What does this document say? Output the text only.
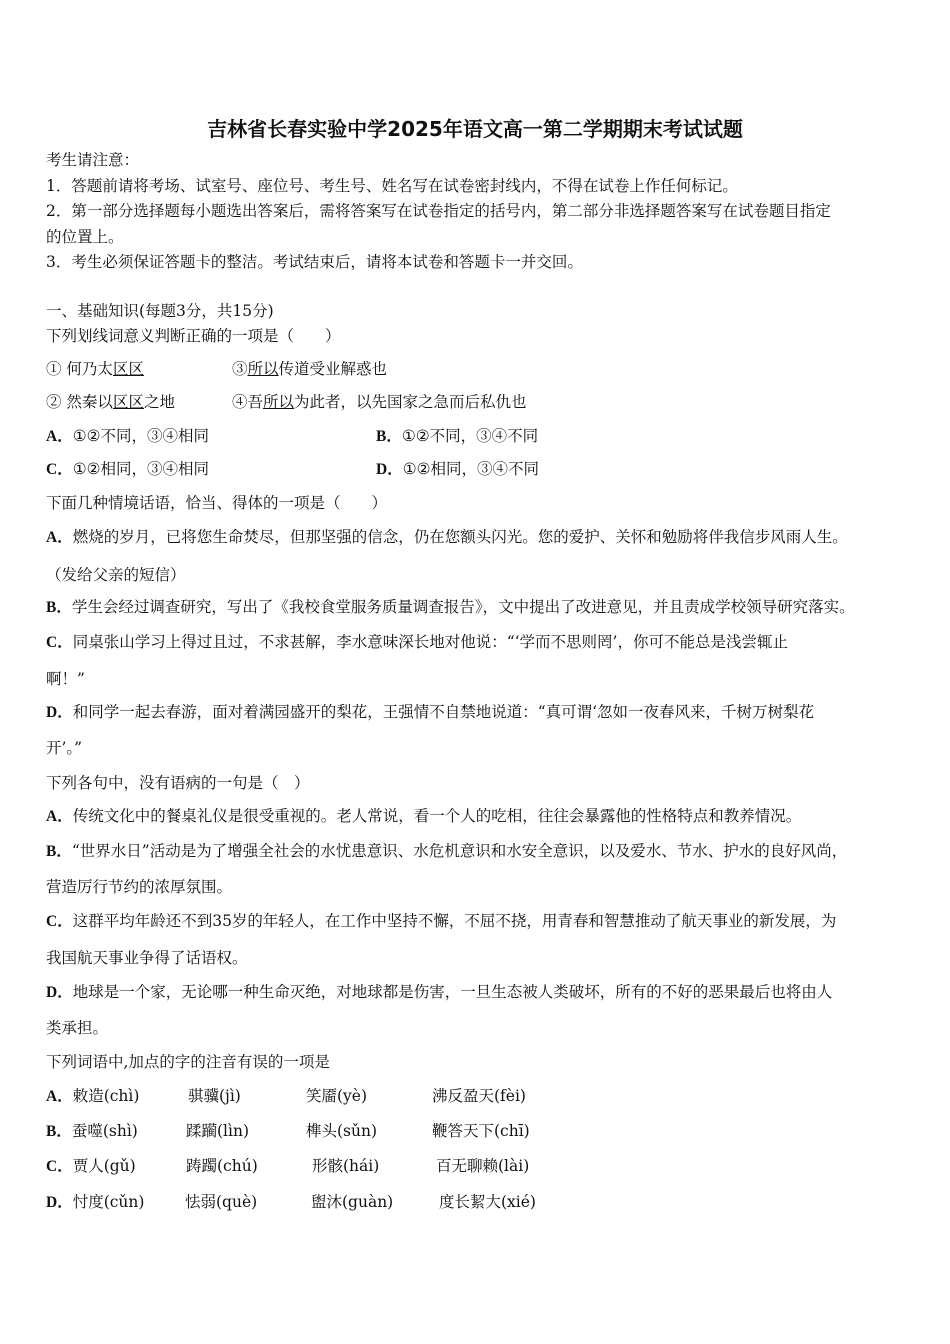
吉林省长春实验中学2025年语文高一第二学期期末考试试题
考生请注意：
1．答题前请将考场、试室号、座位号、考生号、姓名写在试卷密封线内，不得在试卷上作任何标记。
2．第一部分选择题每小题选出答案后，需将答案写在试卷指定的括号内，第二部分非选择题答案写在试卷题目指定
的位置上。
3．考生必须保证答题卡的整洁。考试结束后，请将本试卷和答题卡一并交回。
一、基础知识(每题3分，共15分)
下列划线词意义判断正确的一项是（　　）
① 何乃太区区	③所以传道受业解惑也
② 然秦以区区之地	④吾所以为此者，以先国家之急而后私仇也
A．①②不同，③④相同	B．①②不同，③④不同
C．①②相同，③④相同	D．①②相同，③④不同
下面几种情境话语，恰当、得体的一项是（　　）
A．燃烧的岁月，已将您生命焚尽，但那坚强的信念，仍在您额头闪光。您的爱护、关怀和勉励将伴我信步风雨人生。
（发给父亲的短信）
B．学生会经过调查研究，写出了《我校食堂服务质量调查报告》，文中提出了改进意见，并且责成学校领导研究落实。
C．同桌张山学习上得过且过，不求甚解，李水意味深长地对他说：“‘学而不思则罔’，你可不能总是浅尝辄止
啊！”
D．和同学一起去春游，面对着满园盛开的梨花，王强情不自禁地说道：“真可谓‘忽如一夜春风来，千树万树梨花
开’。”
下列各句中，没有语病的一句是（　）
A．传统文化中的餐桌礼仪是很受重视的。老人常说，看一个人的吃相，往往会暴露他的性格特点和教养情况。
B．“世界水日”活动是为了增强全社会的水忧患意识、水危机意识和水安全意识，以及爱水、节水、护水的良好风尚，
营造厉行节约的浓厚氛围。
C．这群平均年龄还不到35岁的年轻人，在工作中坚持不懈，不屈不挠，用青春和智慧推动了航天事业的新发展，为
我国航天事业争得了话语权。
D．地球是一个家，无论哪一种生命灭绝，对地球都是伤害，一旦生态被人类破坏，所有的不好的恶果最后也将由人
类承担。
下列词语中,加点的字的注音有误的一项是
A．敕造(chì)	骐骥(jì)	笑靥(yè)	沸反盈天(fèi)
B．蚕噬(shì)	蹂躏(lìn)	榫头(sǔn)	鞭答天下(chī)
C．贾人(gǔ)	踌躅(chú)	形骸(hái)	百无聊赖(lài)
D．忖度(cǔn)	怯弱(què)	盥沐(guàn)	度长絜大(xié)
